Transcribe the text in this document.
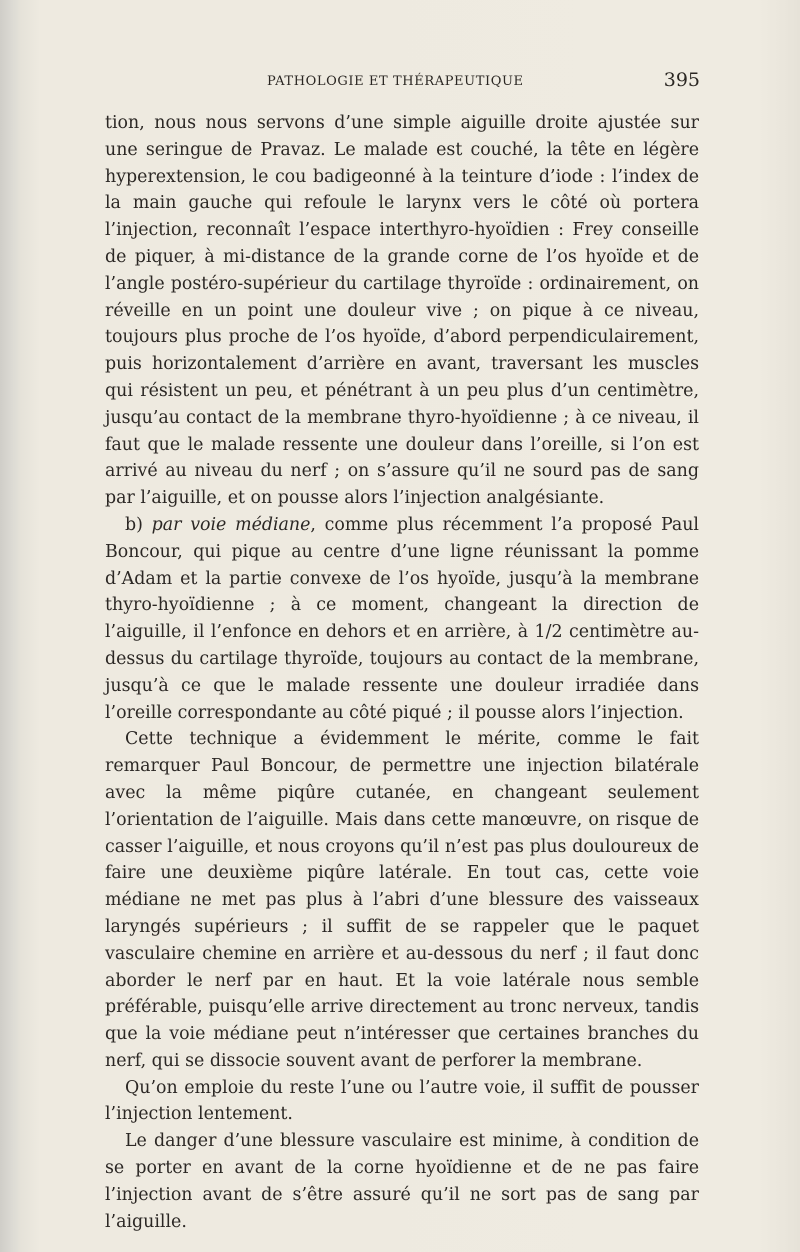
PATHOLOGIE ET THÉRAPEUTIQUE	395

tion, nous nous servons d’une simple aiguille droite ajustée sur une seringue de Pravaz. Le malade est couché, la tête en légère hyperextension, le cou badigeonné à la teinture d’iode : l’index de la main gauche qui refoule le larynx vers le côté où portera l’injection, reconnaît l’espace interthyro-hyoïdien : Frey conseille de piquer, à mi-distance de la grande corne de l’os hyoïde et de l’angle postéro-supérieur du cartilage thyroïde : ordinairement, on réveille en un point une douleur vive ; on pique à ce niveau, toujours plus proche de l’os hyoïde, d’abord perpendiculairement, puis horizontalement d’arrière en avant, traversant les muscles qui résistent un peu, et pénétrant à un peu plus d’un centimètre, jusqu’au contact de la membrane thyro-hyoïdienne ; à ce niveau, il faut que le malade ressente une douleur dans l’oreille, si l’on est arrivé au niveau du nerf ; on s’assure qu’il ne sourd pas de sang par l’aiguille, et on pousse alors l’injection analgésiante.

b) par voie médiane, comme plus récemment l’a proposé Paul Boncour, qui pique au centre d’une ligne réunissant la pomme d’Adam et la partie convexe de l’os hyoïde, jusqu’à la membrane thyro-hyoïdienne ; à ce moment, changeant la direction de l’aiguille, il l’enfonce en dehors et en arrière, à 1/2 centimètre au-dessus du cartilage thyroïde, toujours au contact de la membrane, jusqu’à ce que le malade ressente une douleur irradiée dans l’oreille correspondante au côté piqué ; il pousse alors l’injection.

Cette technique a évidemment le mérite, comme le fait remarquer Paul Boncour, de permettre une injection bilatérale avec la même piqûre cutanée, en changeant seulement l’orientation de l’aiguille. Mais dans cette manœuvre, on risque de casser l’aiguille, et nous croyons qu’il n’est pas plus douloureux de faire une deuxième piqûre latérale. En tout cas, cette voie médiane ne met pas plus à l’abri d’une blessure des vaisseaux laryngés supérieurs ; il suffit de se rappeler que le paquet vasculaire chemine en arrière et au-dessous du nerf ; il faut donc aborder le nerf par en haut. Et la voie latérale nous semble préférable, puisqu’elle arrive directement au tronc nerveux, tandis que la voie médiane peut n’intéresser que certaines branches du nerf, qui se dissocie souvent avant de perforer la membrane.

Qu’on emploie du reste l’une ou l’autre voie, il suffit de pousser l’injection lentement.

Le danger d’une blessure vasculaire est minime, à condition de se porter en avant de la corne hyoïdienne et de ne pas faire l’injection avant de s’être assuré qu’il ne sort pas de sang par l’aiguille.
